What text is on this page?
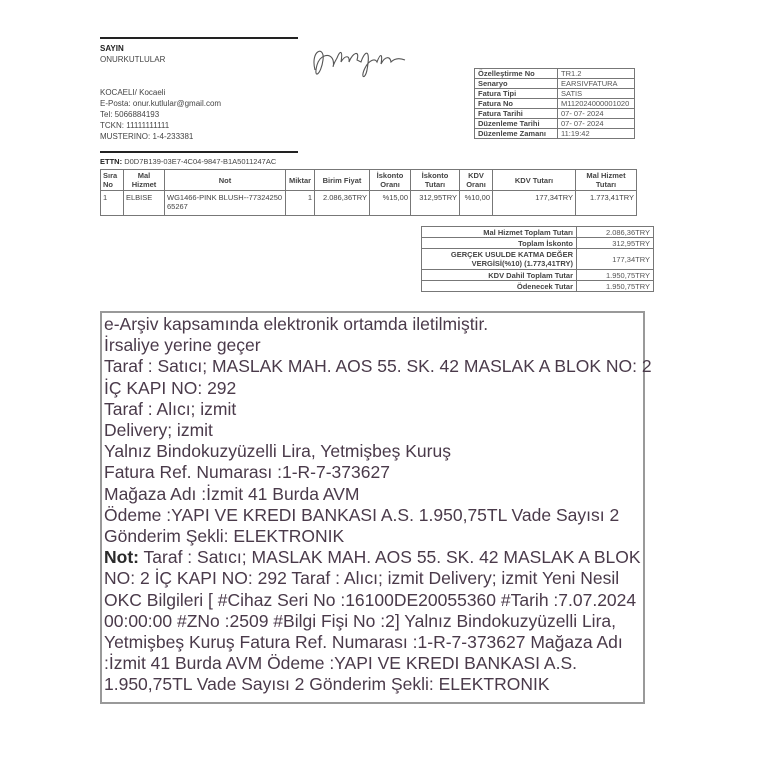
SAYIN
ONURKUTLULAR
KOCAELI/ Kocaeli
E-Posta: onur.kutlular@gmail.com
Tel: 5066884193
TCKN: 11111111111
MUSTERINO: 1-4-233381
Özelleştirme No	TR1.2
Senaryo	EARSIVFATURA
Fatura Tipi	SATIS
Fatura No	M112024000001020
Fatura Tarihi	07- 07- 2024
Düzenleme Tarihi	07- 07- 2024
Düzenleme Zamanı	11:19:42
ETTN: D0D7B139-03E7-4C04-9847-B1A5011247AC
Sıra No	Mal Hizmet	Not	Miktar	Birim Fiyat	İskonto Oranı	İskonto Tutarı	KDV Oranı	KDV Tutarı	Mal Hizmet Tutarı
1	ELBISE	WG1466-PINK BLUSH--7732425065267	1	2.086,36TRY	%15,00	312,95TRY	%10,00	177,34TRY	1.773,41TRY
Mal Hizmet Toplam Tutarı	2.086,36TRY
Toplam İskonto	312,95TRY
GERÇEK USULDE KATMA DEĞER VERGİSİ(%10) (1.773,41TRY)	177,34TRY
KDV Dahil Toplam Tutar	1.950,75TRY
Ödenecek Tutar	1.950,75TRY
e-Arşiv kapsamında elektronik ortamda iletilmiştir.
İrsaliye yerine geçer
Taraf : Satıcı; MASLAK MAH. AOS 55. SK. 42 MASLAK A BLOK NO: 2
İÇ KAPI NO: 292
Taraf : Alıcı; izmit
Delivery; izmit
Yalnız Bindokuzyüzelli Lira, Yetmişbeş Kuruş
Fatura Ref. Numarası :1-R-7-373627
Mağaza Adı :İzmit 41 Burda AVM
Ödeme :YAPI VE KREDI BANKASI A.S. 1.950,75TL Vade Sayısı 2
Gönderim Şekli: ELEKTRONIK
Not: Taraf : Satıcı; MASLAK MAH. AOS 55. SK. 42 MASLAK A BLOK
NO: 2 İÇ KAPI NO: 292 Taraf : Alıcı; izmit Delivery; izmit Yeni Nesil
OKC Bilgileri [ #Cihaz Seri No :16100DE20055360 #Tarih :7.07.2024
00:00:00 #ZNo :2509 #Bilgi Fişi No :2] Yalnız Bindokuzyüzelli Lira,
Yetmişbeş Kuruş Fatura Ref. Numarası :1-R-7-373627 Mağaza Adı
:İzmit 41 Burda AVM Ödeme :YAPI VE KREDI BANKASI A.S.
1.950,75TL Vade Sayısı 2 Gönderim Şekli: ELEKTRONIK
